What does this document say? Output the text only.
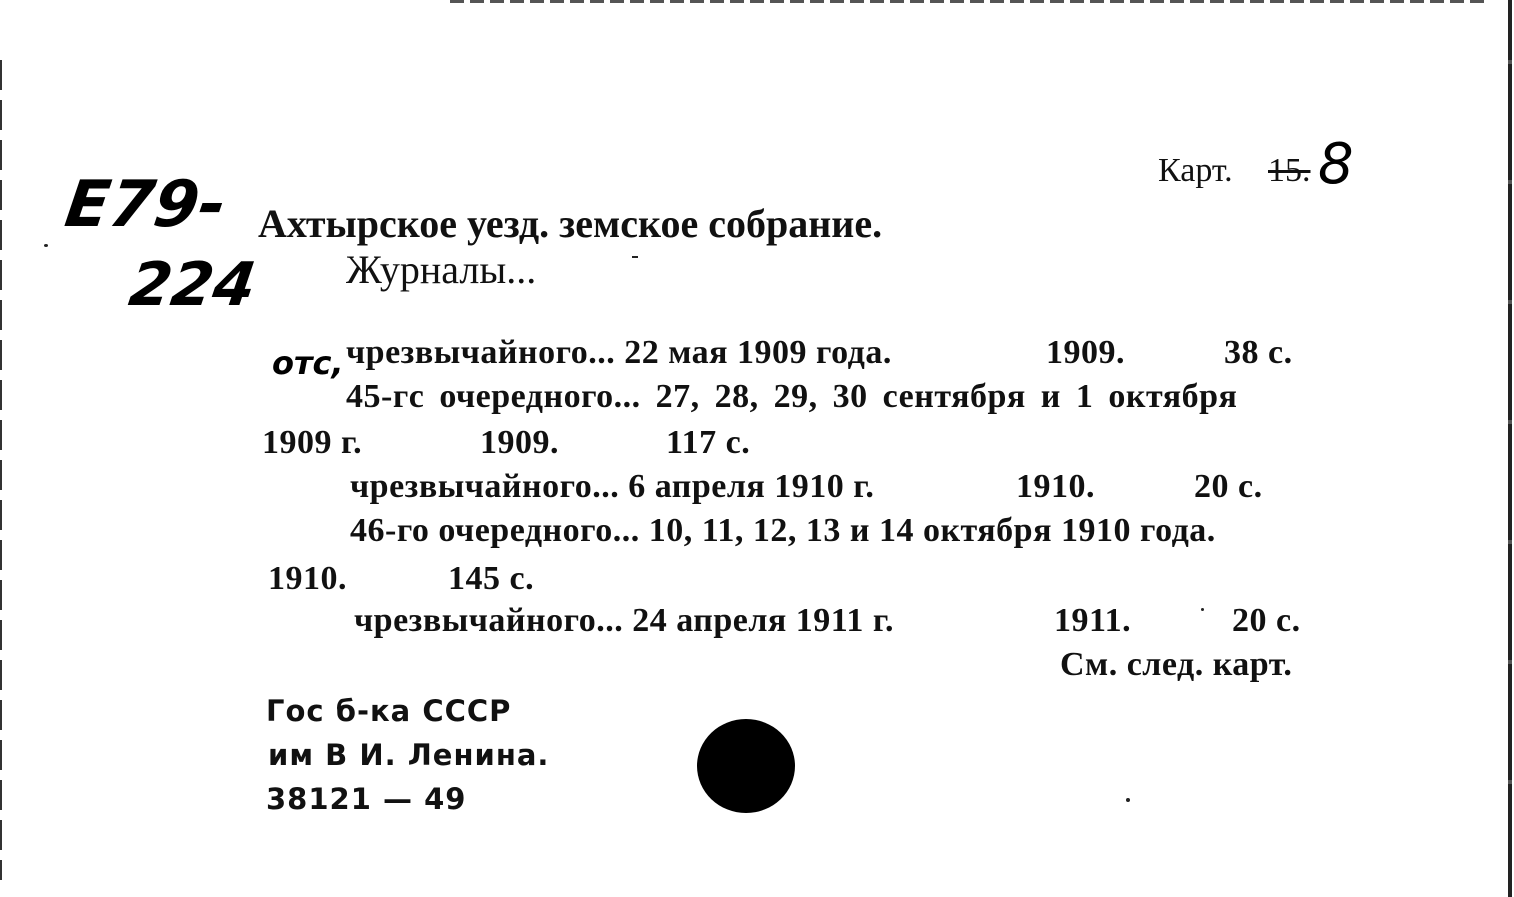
E79-
224
Карт. 15. 8
Ахтырское уезд. земское собрание.
Журналы...
отс, чрезвычайного... 22 мая 1909 года.	1909.	38 с.
45-гс очередного... 27, 28, 29, 30 сентября и 1 октября
1909 г.	1909.	117 с.
чрезвычайного... 6 апреля 1910 г.	1910.	20 с.
46-го очередного... 10, 11, 12, 13 и 14 октября 1910 года.
1910.	145 с.
чрезвычайного... 24 апреля 1911 г.	1911.	20 с.
См. след. карт.
Гос б-ка СССР
им В И. Ленина.
38121 — 49
